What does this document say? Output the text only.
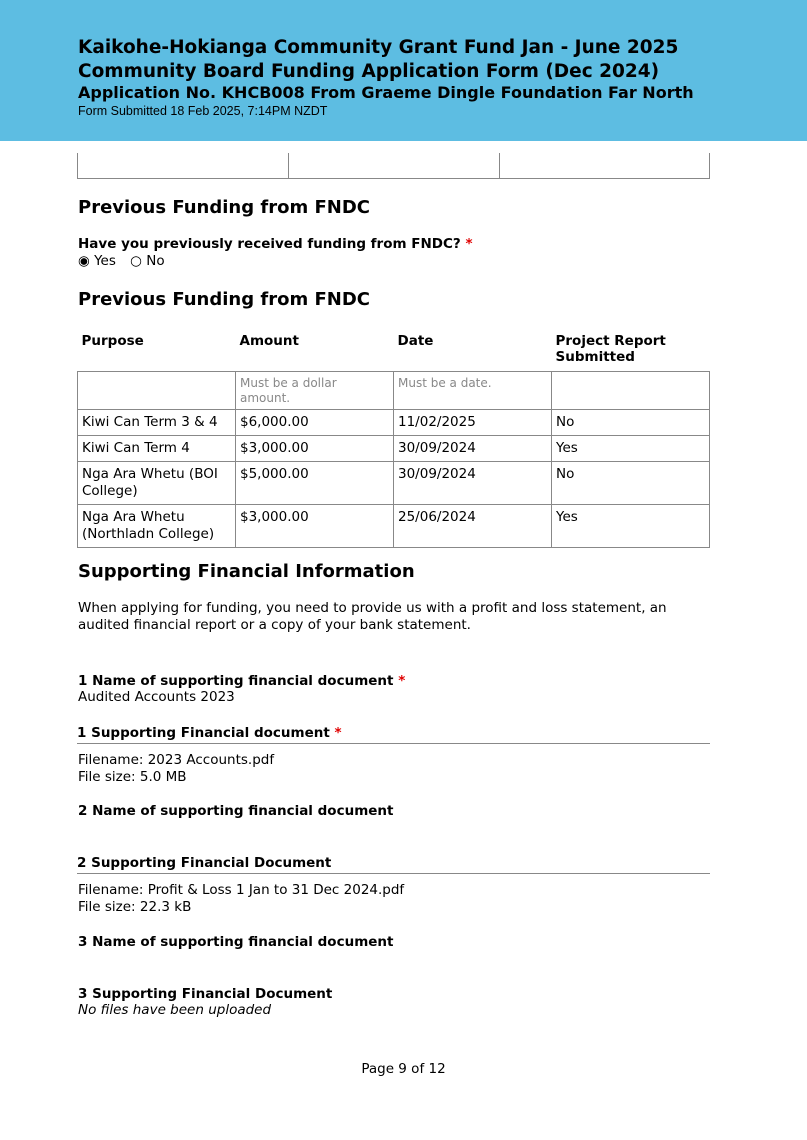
Kaikohe-Hokianga Community Grant Fund Jan - June 2025
Community Board Funding Application Form (Dec 2024)
Application No. KHCB008 From Graeme Dingle Foundation Far North
Form Submitted 18 Feb 2025, 7:14PM NZDT
Previous Funding from FNDC
Have you previously received funding from FNDC? *
◉ Yes ○ No
Previous Funding from FNDC
Purpose	Amount	Date	Project Report Submitted
	Must be a dollar amount.	Must be a date.	
Kiwi Can Term 3 & 4	$6,000.00	11/02/2025	No
Kiwi Can Term 4	$3,000.00	30/09/2024	Yes
Nga Ara Whetu (BOI College)	$5,000.00	30/09/2024	No
Nga Ara Whetu (Northladn College)	$3,000.00	25/06/2024	Yes
Supporting Financial Information
When applying for funding, you need to provide us with a profit and loss statement, an
audited financial report or a copy of your bank statement.
1 Name of supporting financial document *
Audited Accounts 2023
1 Supporting Financial document *
Filename: 2023 Accounts.pdf
File size: 5.0 MB
2 Name of supporting financial document
2 Supporting Financial Document
Filename: Profit & Loss 1 Jan to 31 Dec 2024.pdf
File size: 22.3 kB
3 Name of supporting financial document
3 Supporting Financial Document
No files have been uploaded
Page 9 of 12
